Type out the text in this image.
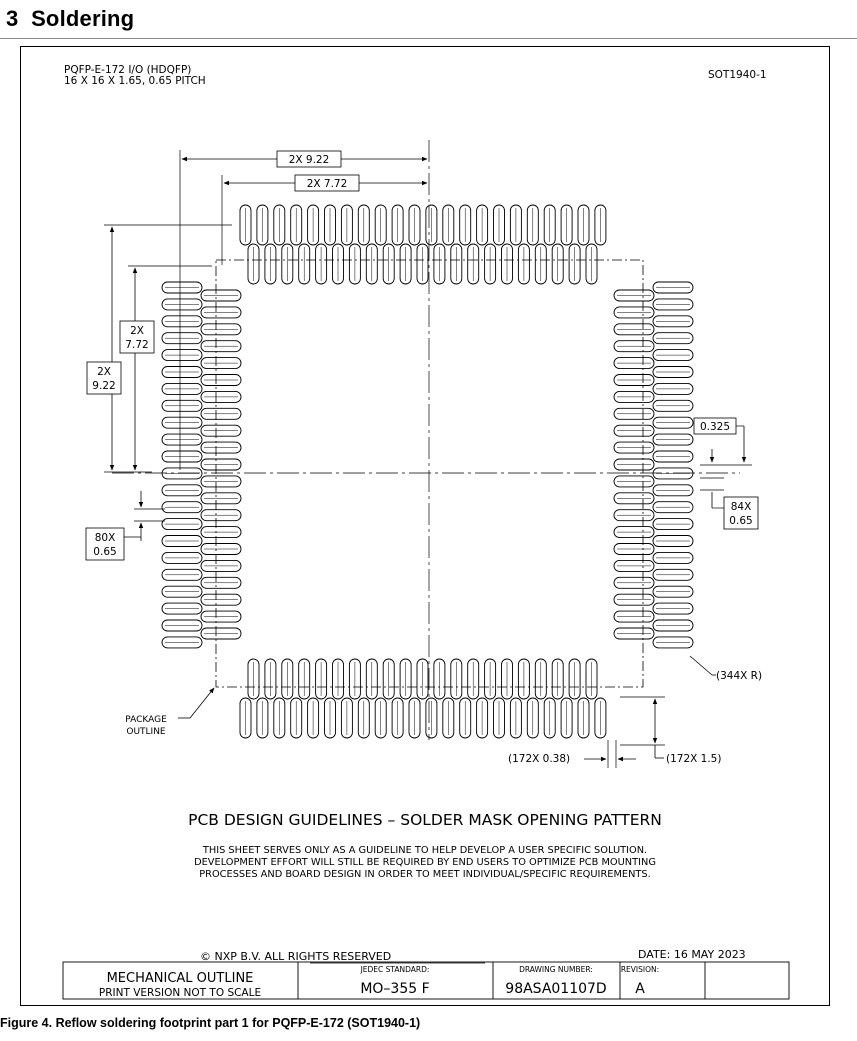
3 Soldering
PQFP-E-172 I/O (HDQFP)
16 X 16 X 1.65, 0.65 PITCH	SOT1940-1
2X 9.22
2X 7.72
2X
9.22
2X
7.72
80X
0.65
0.325
84X
0.65
(344X R)
PACKAGE
OUTLINE
(172X 1.5)
(172X 0.38)
PCB DESIGN GUIDELINES – SOLDER MASK OPENING PATTERN
THIS SHEET SERVES ONLY AS A GUIDELINE TO HELP DEVELOP A USER SPECIFIC SOLUTION.
DEVELOPMENT EFFORT WILL STILL BE REQUIRED BY END USERS TO OPTIMIZE PCB MOUNTING
PROCESSES AND BOARD DESIGN IN ORDER TO MEET INDIVIDUAL/SPECIFIC REQUIREMENTS.
© NXP B.V. ALL RIGHTS RESERVED	DATE: 16 MAY 2023
MECHANICAL OUTLINE
PRINT VERSION NOT TO SCALE
JEDEC STANDARD:
MO–355 F
DRAWING NUMBER:
98ASA01107D
REVISION:
A
Figure 4. Reflow soldering footprint part 1 for PQFP-E-172 (SOT1940-1)
